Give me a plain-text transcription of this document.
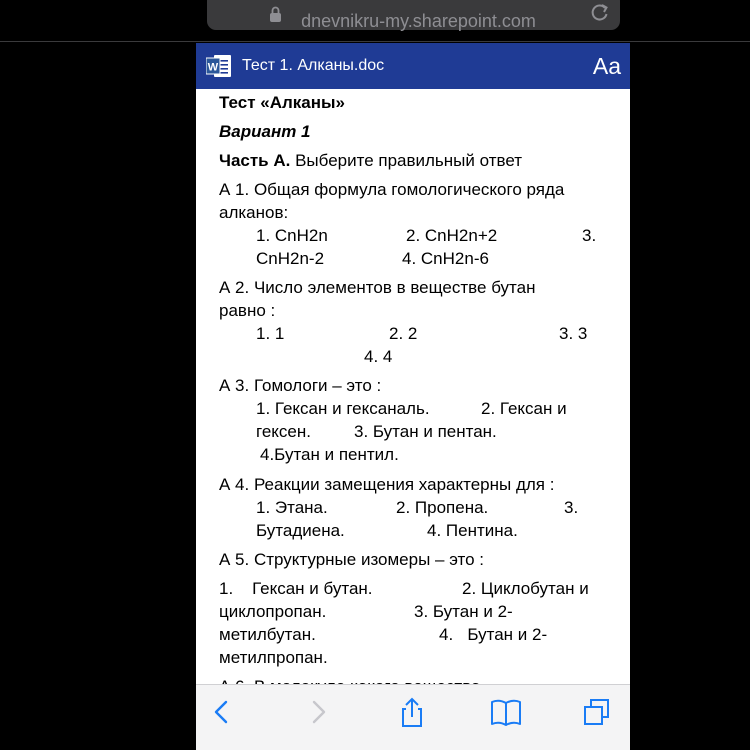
dnevnikru-my.sharepoint.com
W Тест 1. Алканы.doc	Aa
Тест «Алканы»
Вариант 1
Часть А. Выберите правильный ответ
А 1. Общая формула гомологического ряда
алканов:
1. CnH2n	2. CnH2n+2	3.
CnH2n-2	4. CnH2n-6
А 2. Число элементов в веществе бутан
равно :
1. 1	2. 2	3. 3
4. 4
А 3. Гомологи – это :
1. Гексан и гексаналь.	2. Гексан и
гексен.	3. Бутан и пентан.
4.Бутан и пентил.
А 4. Реакции замещения характерны для :
1. Этана.	2. Пропена.	3.
Бутадиена.	4. Пентина.
А 5. Структурные изомеры – это :
1.    Гексан и бутан.	2. Циклобутан и
циклопропан.	3. Бутан и 2-
метилбутан.	4.   Бутан и 2-
метилпропан.
